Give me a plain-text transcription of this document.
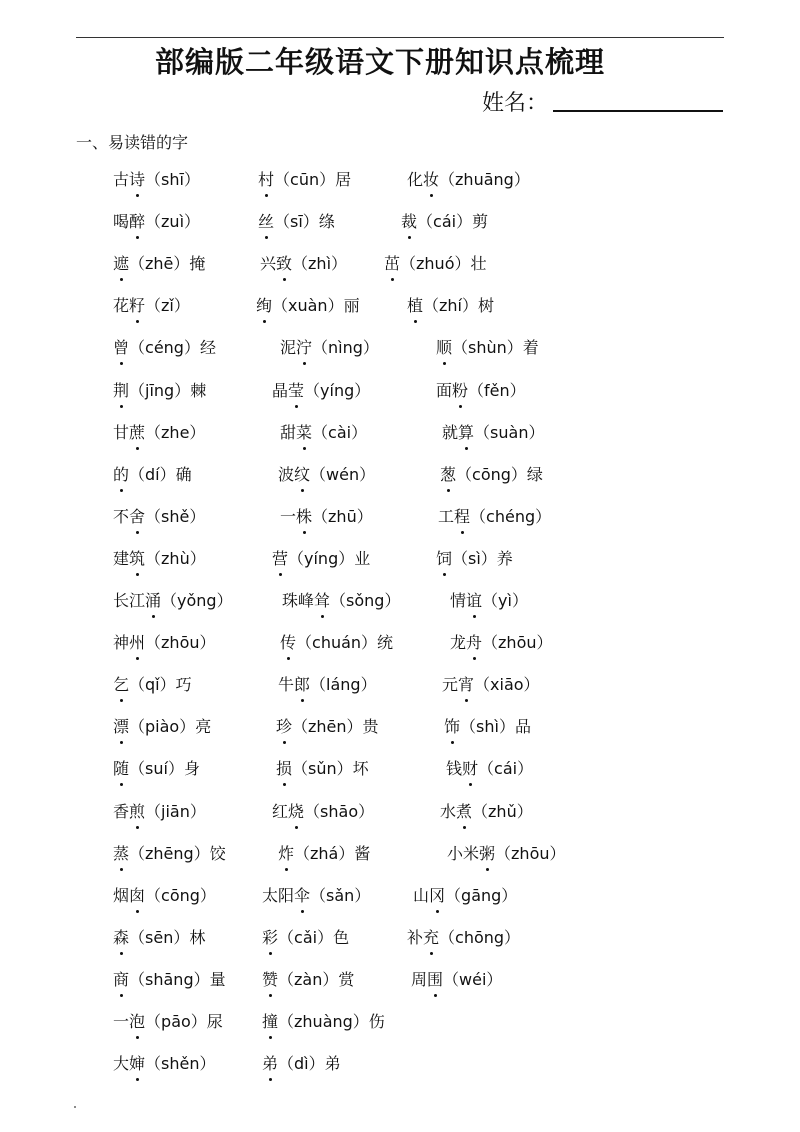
部编版二年级语文下册知识点梳理
姓名：
一、易读错的字
古诗（shī）	村（cūn）居	化妆（zhuāng）
喝醉（zuì）	丝（sī）绦	裁（cái）剪
遮（zhē）掩	兴致（zhì） 茁（zhuó）壮
花籽（zǐ）	绚（xuàn）丽	植（zhí）树
曾（céng）经	泥泞（nìng）	顺（shùn）着
荆（jīng）棘	晶莹（yíng）	面粉（fěn）
甘蔗（zhe）	甜菜（cài）	就算（suàn）
的（dí）确	波纹（wén）	葱（cōng）绿
不舍（shě）	一株（zhū）	工程（chéng）
建筑（zhù）	营（yíng）业	饲（sì）养
长江涌（yǒng）	珠峰耸（sǒng）	情谊（yì）
神州（zhōu）	传（chuán）统	龙舟（zhōu）
乞（qǐ）巧	牛郎（láng）	元宵（xiāo）
漂（piào）亮	珍（zhēn）贵	饰（shì）品
随（suí）身	损（sǔn）坏	钱财（cái）
香煎（jiān）	红烧（shāo）	水煮（zhǔ）
蒸（zhēng）饺	炸（zhá）酱	小米粥（zhōu）
烟囱（cōng）	太阳伞（sǎn）	山冈（gāng）
森（sēn）林	彩（cǎi）色	补充（chōng）
商（shāng）量 赞（zàn）赏	周围（wéi）
一泡（pāo）尿 撞（zhuàng）伤
大婶（shěn）	弟（dì）弟
